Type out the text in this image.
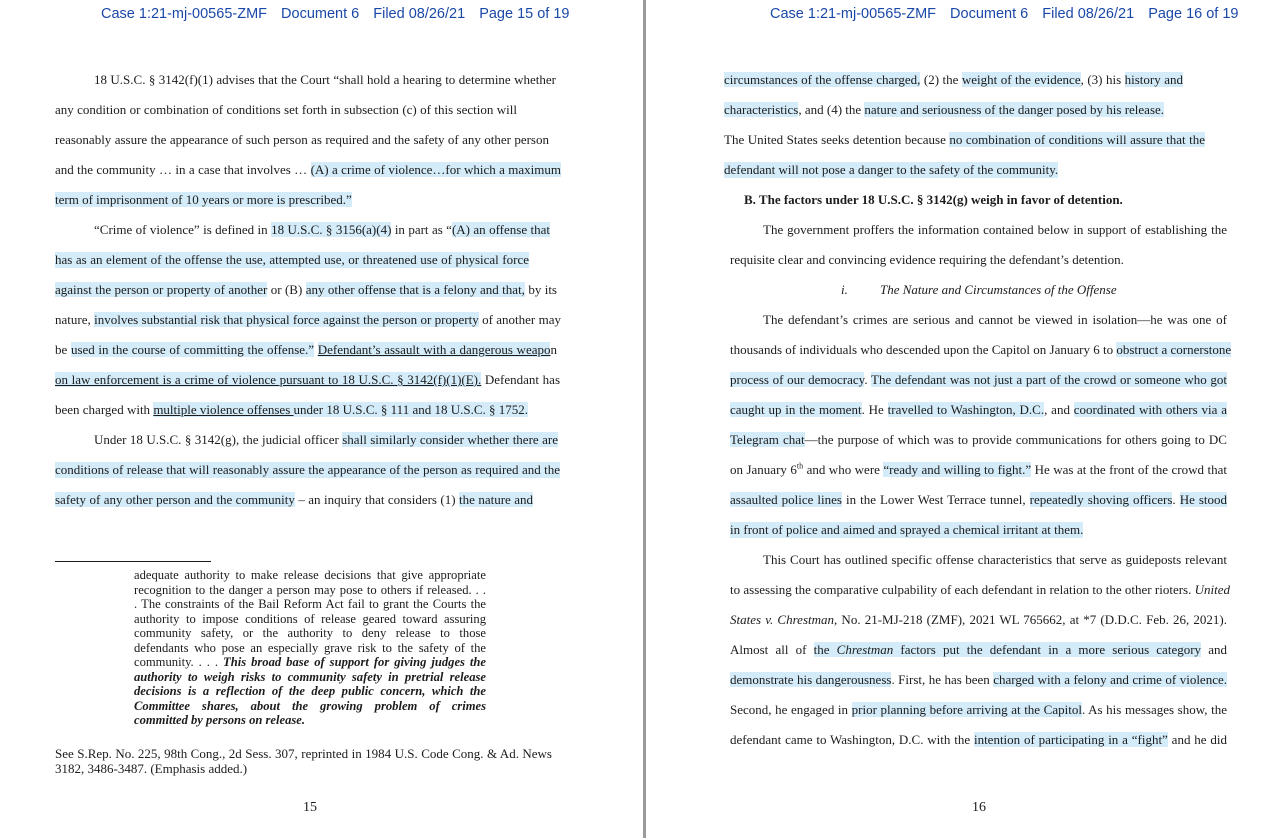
Case 1:21-mj-00565-ZMF Document 6 Filed 08/26/21 Page 15 of 19
18 U.S.C. § 3142(f)(1) advises that the Court “shall hold a hearing to determine whether
any condition or combination of conditions set forth in subsection (c) of this section will
reasonably assure the appearance of such person as required and the safety of any other person
and the community … in a case that involves … (A) a crime of violence…for which a maximum
term of imprisonment of 10 years or more is prescribed.”
“Crime of violence” is defined in 18 U.S.C. § 3156(a)(4) in part as “(A) an offense that
has as an element of the offense the use, attempted use, or threatened use of physical force
against the person or property of another or (B) any other offense that is a felony and that, by its
nature, involves substantial risk that physical force against the person or property of another may
be used in the course of committing the offense.” Defendant’s assault with a dangerous weapon
on law enforcement is a crime of violence pursuant to 18 U.S.C. § 3142(f)(1)(E). Defendant has
been charged with multiple violence offenses under 18 U.S.C. § 111 and 18 U.S.C. § 1752.
Under 18 U.S.C. § 3142(g), the judicial officer shall similarly consider whether there are
conditions of release that will reasonably assure the appearance of the person as required and the
safety of any other person and the community – an inquiry that considers (1) the nature and
adequate authority to make release decisions that give appropriate
recognition to the danger a person may pose to others if released. . .
. The constraints of the Bail Reform Act fail to grant the Courts the
authority to impose conditions of release geared toward assuring
community safety, or the authority to deny release to those
defendants who pose an especially grave risk to the safety of the
community. . . . This broad base of support for giving judges the
authority to weigh risks to community safety in pretrial release
decisions is a reflection of the deep public concern, which the
Committee shares, about the growing problem of crimes
committed by persons on release.
See S.Rep. No. 225, 98th Cong., 2d Sess. 307, reprinted in 1984 U.S. Code Cong. & Ad. News
3182, 3486-3487. (Emphasis added.)
15
Case 1:21-mj-00565-ZMF Document 6 Filed 08/26/21 Page 16 of 19
circumstances of the offense charged, (2) the weight of the evidence, (3) his history and
characteristics, and (4) the nature and seriousness of the danger posed by his release.
The United States seeks detention because no combination of conditions will assure that the
defendant will not pose a danger to the safety of the community.
B. The factors under 18 U.S.C. § 3142(g) weigh in favor of detention.
The government proffers the information contained below in support of establishing the
requisite clear and convincing evidence requiring the defendant’s detention.
i. The Nature and Circumstances of the Offense
The defendant’s crimes are serious and cannot be viewed in isolation—he was one of
thousands of individuals who descended upon the Capitol on January 6 to obstruct a cornerstone
process of our democracy. The defendant was not just a part of the crowd or someone who got
caught up in the moment. He travelled to Washington, D.C., and coordinated with others via a
Telegram chat—the purpose of which was to provide communications for others going to DC
on January 6th and who were “ready and willing to fight.” He was at the front of the crowd that
assaulted police lines in the Lower West Terrace tunnel, repeatedly shoving officers. He stood
in front of police and aimed and sprayed a chemical irritant at them.
This Court has outlined specific offense characteristics that serve as guideposts relevant
to assessing the comparative culpability of each defendant in relation to the other rioters. United
States v. Chrestman, No. 21-MJ-218 (ZMF), 2021 WL 765662, at *7 (D.D.C. Feb. 26, 2021).
Almost all of the Chrestman factors put the defendant in a more serious category and
demonstrate his dangerousness. First, he has been charged with a felony and crime of violence.
Second, he engaged in prior planning before arriving at the Capitol. As his messages show, the
defendant came to Washington, D.C. with the intention of participating in a “fight” and he did
16
